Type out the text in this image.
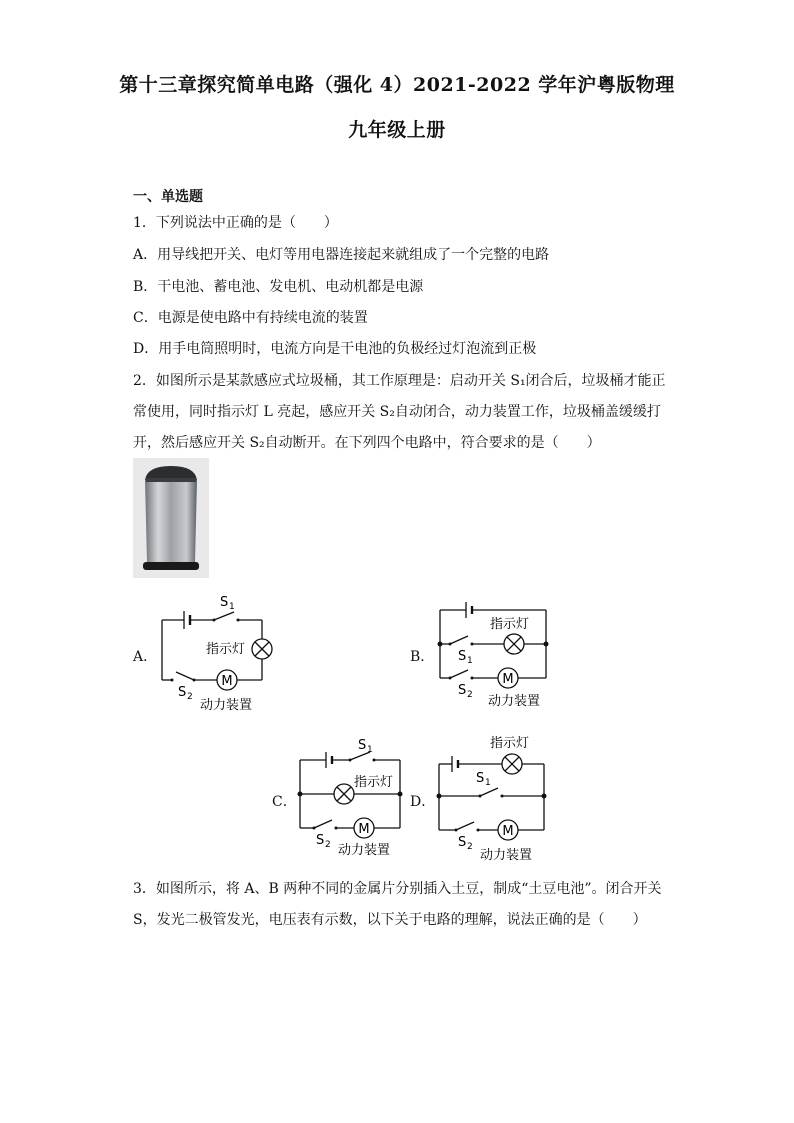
第十三章探究简单电路（强化 4）2021-2022 学年沪粤版物理
九年级上册
一、单选题
1．下列说法中正确的是（　　）
A．用导线把开关、电灯等用电器连接起来就组成了一个完整的电路
B．干电池、蓄电池、发电机、电动机都是电源
C．电源是使电路中有持续电流的装置
D．用手电筒照明时，电流方向是干电池的负极经过灯泡流到正极
2．如图所示是某款感应式垃圾桶，其工作原理是：启动开关 S₁闭合后，垃圾桶才能正
常使用，同时指示灯 L 亮起，感应开关 S₂自动闭合，动力装置工作，垃圾桶盖缓缓打
开，然后感应开关 S₂自动断开。在下列四个电路中，符合要求的是（　　）
A．	B．
C．	D．
M
S 1
S 2
指示灯
动力装置
M
指示灯
S 1
S 2 动力装置
M
S 1
指示灯
S 2 动力装置
M
指示灯
S 1
S 2
动力装置
3．如图所示，将 A、B 两种不同的金属片分别插入土豆，制成“土豆电池”。闭合开关
S，发光二极管发光，电压表有示数，以下关于电路的理解，说法正确的是（　　）
